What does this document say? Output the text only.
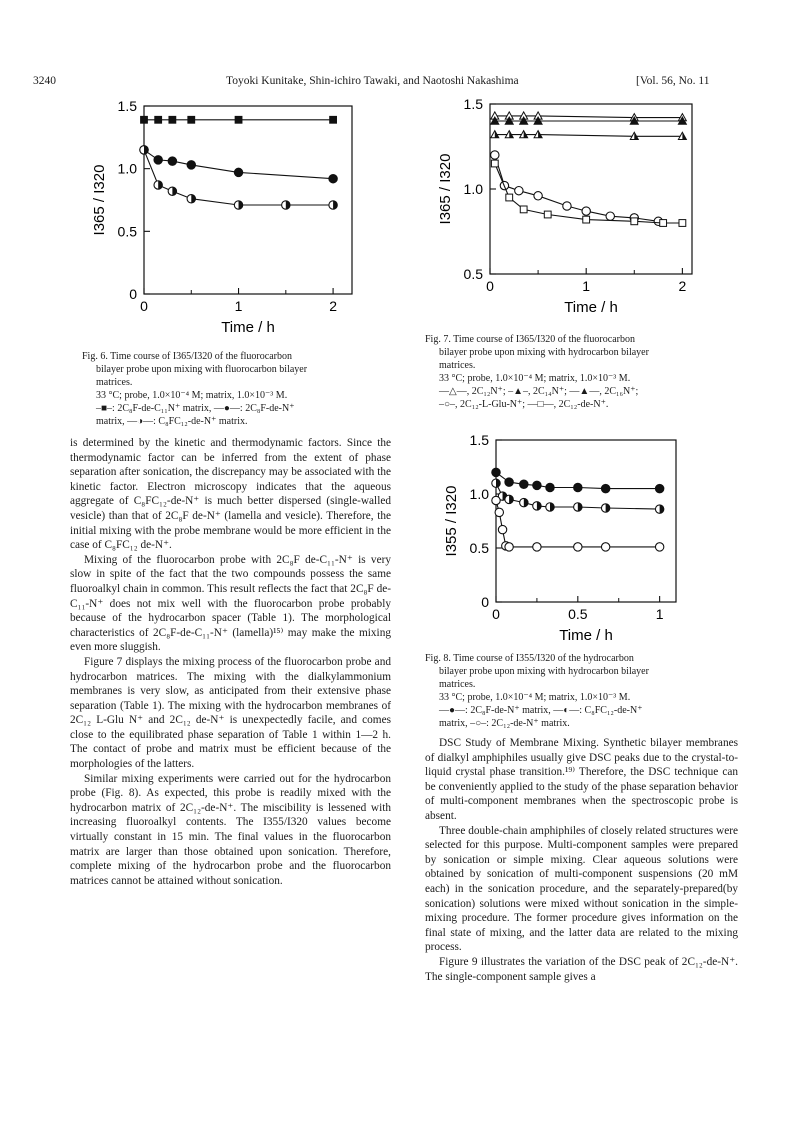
3240	Toyoki Kunitake, Shin-ichiro Tawaki, and Naotoshi Nakashima	[Vol. 56, No. 11
0
0.5
1.0
1.5
0	1	2
Time / h
I365 / I320

Fig. 6. Time course of I365/I320 of the fluorocarbon

bilayer probe upon mixing with fluorocarbon bilayer

matrices.

33 °C; probe, 1.0×10⁻⁴ M; matrix, 1.0×10⁻³ M.

–■–: 2C₈F-de-C₁₁N⁺ matrix, —●—: 2C₈F-de-N⁺

matrix, —◑—: C₈FC₁₂-de-N⁺ matrix.

0.5
1.0
1.5
0	1	2
Time / h
I365 / I320

Fig. 7. Time course of I365/I320 of the fluorocarbon

bilayer probe upon mixing with hydrocarbon bilayer

matrices.

33 °C; probe, 1.0×10⁻⁴ M; matrix, 1.0×10⁻³ M.

—△—, 2C₁₂N⁺; –▲–, 2C₁₄N⁺; —▲—, 2C₁₆N⁺;

–○–, 2C₁₂-L-Glu-N⁺; —□—, 2C₁₂-de-N⁺.

0
0.5
1.0
1.5
0	0.5	1
Time / h
I355 / I320

Fig. 8. Time course of I355/I320 of the hydrocarbon

bilayer probe upon mixing with hydrocarbon bilayer

matrices.

33 °C; probe, 1.0×10⁻⁴ M; matrix, 1.0×10⁻³ M.

—●—: 2C₈F-de-N⁺ matrix, —◐—: C₈FC₁₂-de-N⁺

matrix, –○–: 2C₁₂-de-N⁺ matrix.

is determined by the kinetic and thermodynamic factors. Since the thermodynamic factor can be inferred from the extent of phase separation after sonication, the discrepancy may be associated with the kinetic factor. Electron microscopy indicates that the aqueous aggregate of C₈FC₁₂-de-N⁺ is much better dispersed (single-walled vesicle) than that of 2C₈F de-N⁺ (lamella and vesicle). Therefore, the initial mixing with the probe membrane would be more efficient in the case of C₈FC₁₂ de-N⁺.

Mixing of the fluorocarbon probe with 2C₈F de-C₁₁-N⁺ is very slow in spite of the fact that the two compounds possess the same fluoroalkyl chain in common. This result reflects the fact that 2C₈F de-C₁₁-N⁺ does not mix well with the fluorocarbon probe probably because of the hydrocarbon spacer (Table 1). The morphological characteristics of 2C₈F-de-C₁₁-N⁺ (lamella)¹⁵⁾ may make the mixing even more sluggish.

Figure 7 displays the mixing process of the fluorocarbon probe and hydrocarbon matrices. The mixing with the dialkylammonium membranes is very slow, as anticipated from their extensive phase separation (Table 1). The mixing with the hydrocarbon membranes of 2C₁₂ L-Glu N⁺ and 2C₁₂ de-N⁺ is unexpectedly facile, and comes close to the equilibrated phase separation of Table 1 within 1—2 h. The contact of probe and matrix must be efficient because of the morphologies of the latters.

Similar mixing experiments were carried out for the hydrocarbon probe (Fig. 8). As expected, this probe is readily mixed with the hydrocarbon matrix of 2C₁₂-de-N⁺. The miscibility is lessened with increasing fluoroalkyl contents. The I355/I320 values become virtually constant in 15 min. The final values in the fluorocarbon matrix are larger than those obtained upon sonication. Therefore, complete mixing of the hydrocarbon probe and the fluorocarbon matrices cannot be attained without sonication.

DSC Study of Membrane Mixing. Synthetic bilayer membranes of dialkyl amphiphiles usually give DSC peaks due to the crystal-to-liquid crystal phase transition.¹⁹⁾ Therefore, the DSC technique can be conveniently applied to the study of the phase separation behavior of multi-component membranes when the spectroscopic probe is absent.

Three double-chain amphiphiles of closely related structures were selected for this purpose. Multi-component samples were prepared by sonication or simple mixing. Clear aqueous solutions were obtained by sonication of multi-component suspensions (20 mM each) in the sonication procedure, and the separately-prepared(by sonication) solutions were mixed without sonication in the simple-mixing procedure. The former procedure gives information on the final state of mixing, and the latter data are related to the mixing process.

Figure 9 illustrates the variation of the DSC peak of 2C₁₂-de-N⁺. The single-component sample gives a
